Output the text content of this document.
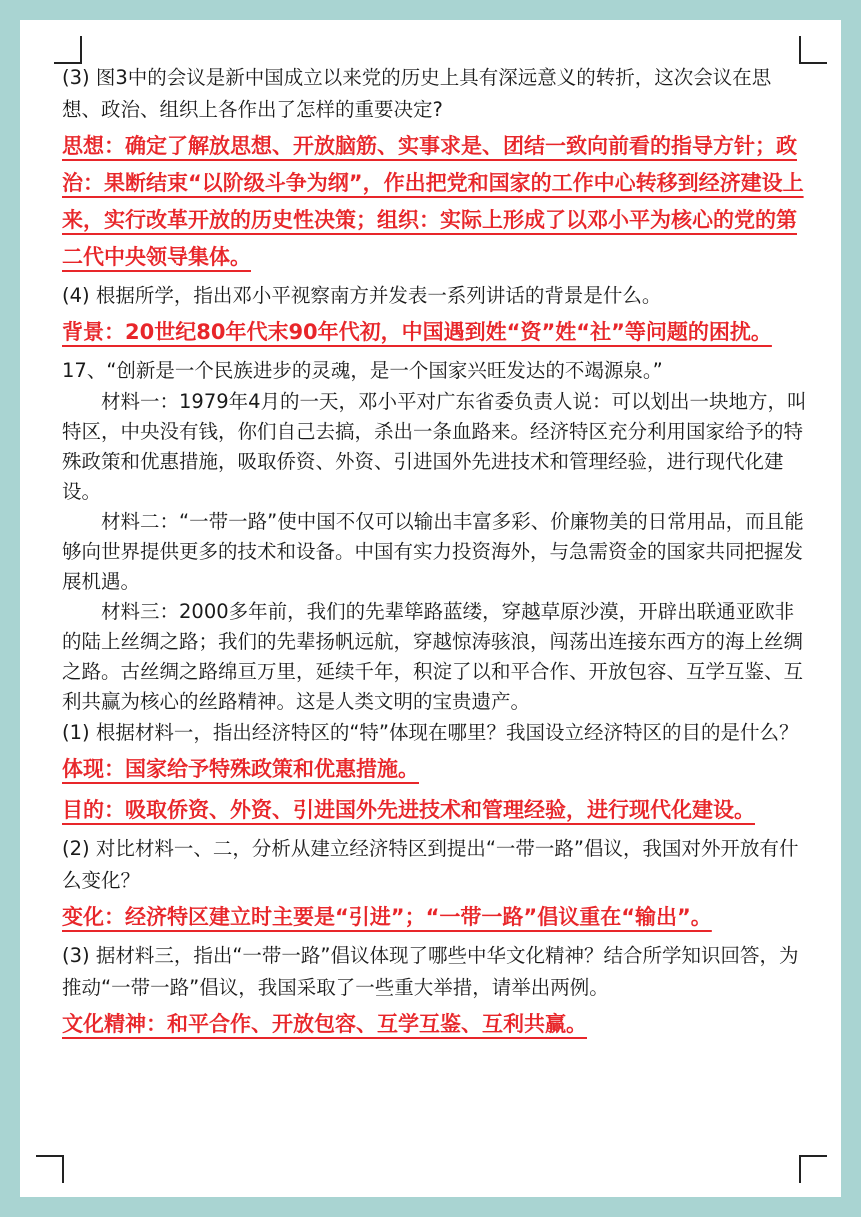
(3) 图3中的会议是新中国成立以来党的历史上具有深远意义的转折，这次会议在思想、政治、组织上各作出了怎样的重要决定?

思想：确定了解放思想、开放脑筋、实事求是、团结一致向前看的指导方针；政治：果断结束“以阶级斗争为纲”，作出把党和国家的工作中心转移到经济建设上来，实行改革开放的历史性决策；组织：实际上形成了以邓小平为核心的党的第二代中央领导集体。

(4) 根据所学，指出邓小平视察南方并发表一系列讲话的背景是什么。

背景：20世纪80年代末90年代初，中国遇到姓“资”姓“社”等问题的困扰。

17、“创新是一个民族进步的灵魂，是一个国家兴旺发达的不竭源泉。”

材料一：1979年4月的一天，邓小平对广东省委负责人说：可以划出一块地方，叫特区，中央没有钱，你们自己去搞，杀出一条血路来。经济特区充分利用国家给予的特殊政策和优惠措施，吸取侨资、外资、引进国外先进技术和管理经验，进行现代化建设。

材料二：“一带一路”使中国不仅可以输出丰富多彩、价廉物美的日常用品，而且能够向世界提供更多的技术和设备。中国有实力投资海外，与急需资金的国家共同把握发展机遇。

材料三：2000多年前，我们的先辈筚路蓝缕，穿越草原沙漠，开辟出联通亚欧非的陆上丝绸之路；我们的先辈扬帆远航，穿越惊涛骇浪，闯荡出连接东西方的海上丝绸之路。古丝绸之路绵亘万里，延续千年，积淀了以和平合作、开放包容、互学互鉴、互利共赢为核心的丝路精神。这是人类文明的宝贵遗产。

(1) 根据材料一，指出经济特区的“特”体现在哪里？我国设立经济特区的目的是什么？

体现：国家给予特殊政策和优惠措施。

目的：吸取侨资、外资、引进国外先进技术和管理经验，进行现代化建设。

(2) 对比材料一、二，分析从建立经济特区到提出“一带一路”倡议，我国对外开放有什么变化？

变化：经济特区建立时主要是“引进”；“一带一路”倡议重在“输出”。

(3) 据材料三，指出“一带一路”倡议体现了哪些中华文化精神？结合所学知识回答，为推动“一带一路”倡议，我国采取了一些重大举措，请举出两例。

文化精神：和平合作、开放包容、互学互鉴、互利共赢。
